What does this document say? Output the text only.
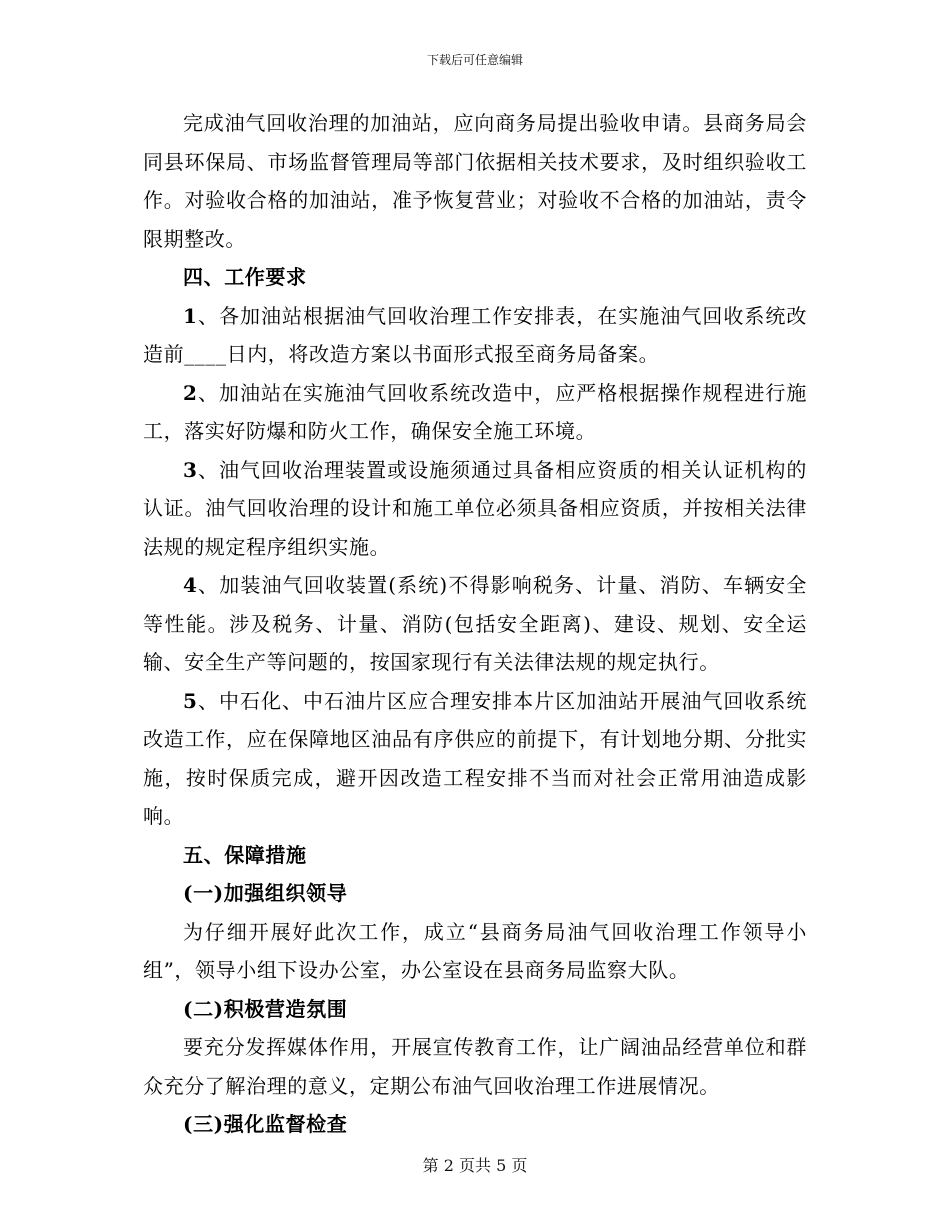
下载后可任意编辑

完成油气回收治理的加油站，应向商务局提出验收申请。县商务局会同县环保局、市场监督管理局等部门依据相关技术要求，及时组织验收工作。对验收合格的加油站，准予恢复营业；对验收不合格的加油站，责令限期整改。

四、工作要求

1、各加油站根据油气回收治理工作安排表，在实施油气回收系统改造前____日内，将改造方案以书面形式报至商务局备案。

2、加油站在实施油气回收系统改造中，应严格根据操作规程进行施工，落实好防爆和防火工作，确保安全施工环境。

3、油气回收治理装置或设施须通过具备相应资质的相关认证机构的认证。油气回收治理的设计和施工单位必须具备相应资质，并按相关法律法规的规定程序组织实施。

4、加装油气回收装置(系统)不得影响税务、计量、消防、车辆安全等性能。涉及税务、计量、消防(包括安全距离)、建设、规划、安全运输、安全生产等问题的，按国家现行有关法律法规的规定执行。

5、中石化、中石油片区应合理安排本片区加油站开展油气回收系统改造工作，应在保障地区油品有序供应的前提下，有计划地分期、分批实施，按时保质完成，避开因改造工程安排不当而对社会正常用油造成影响。

五、保障措施

(一)加强组织领导

为仔细开展好此次工作，成立“县商务局油气回收治理工作领导小组”，领导小组下设办公室，办公室设在县商务局监察大队。

(二)积极营造氛围

要充分发挥媒体作用，开展宣传教育工作，让广阔油品经营单位和群众充分了解治理的意义，定期公布油气回收治理工作进展情况。

(三)强化监督检查

第 2 页共 5 页
